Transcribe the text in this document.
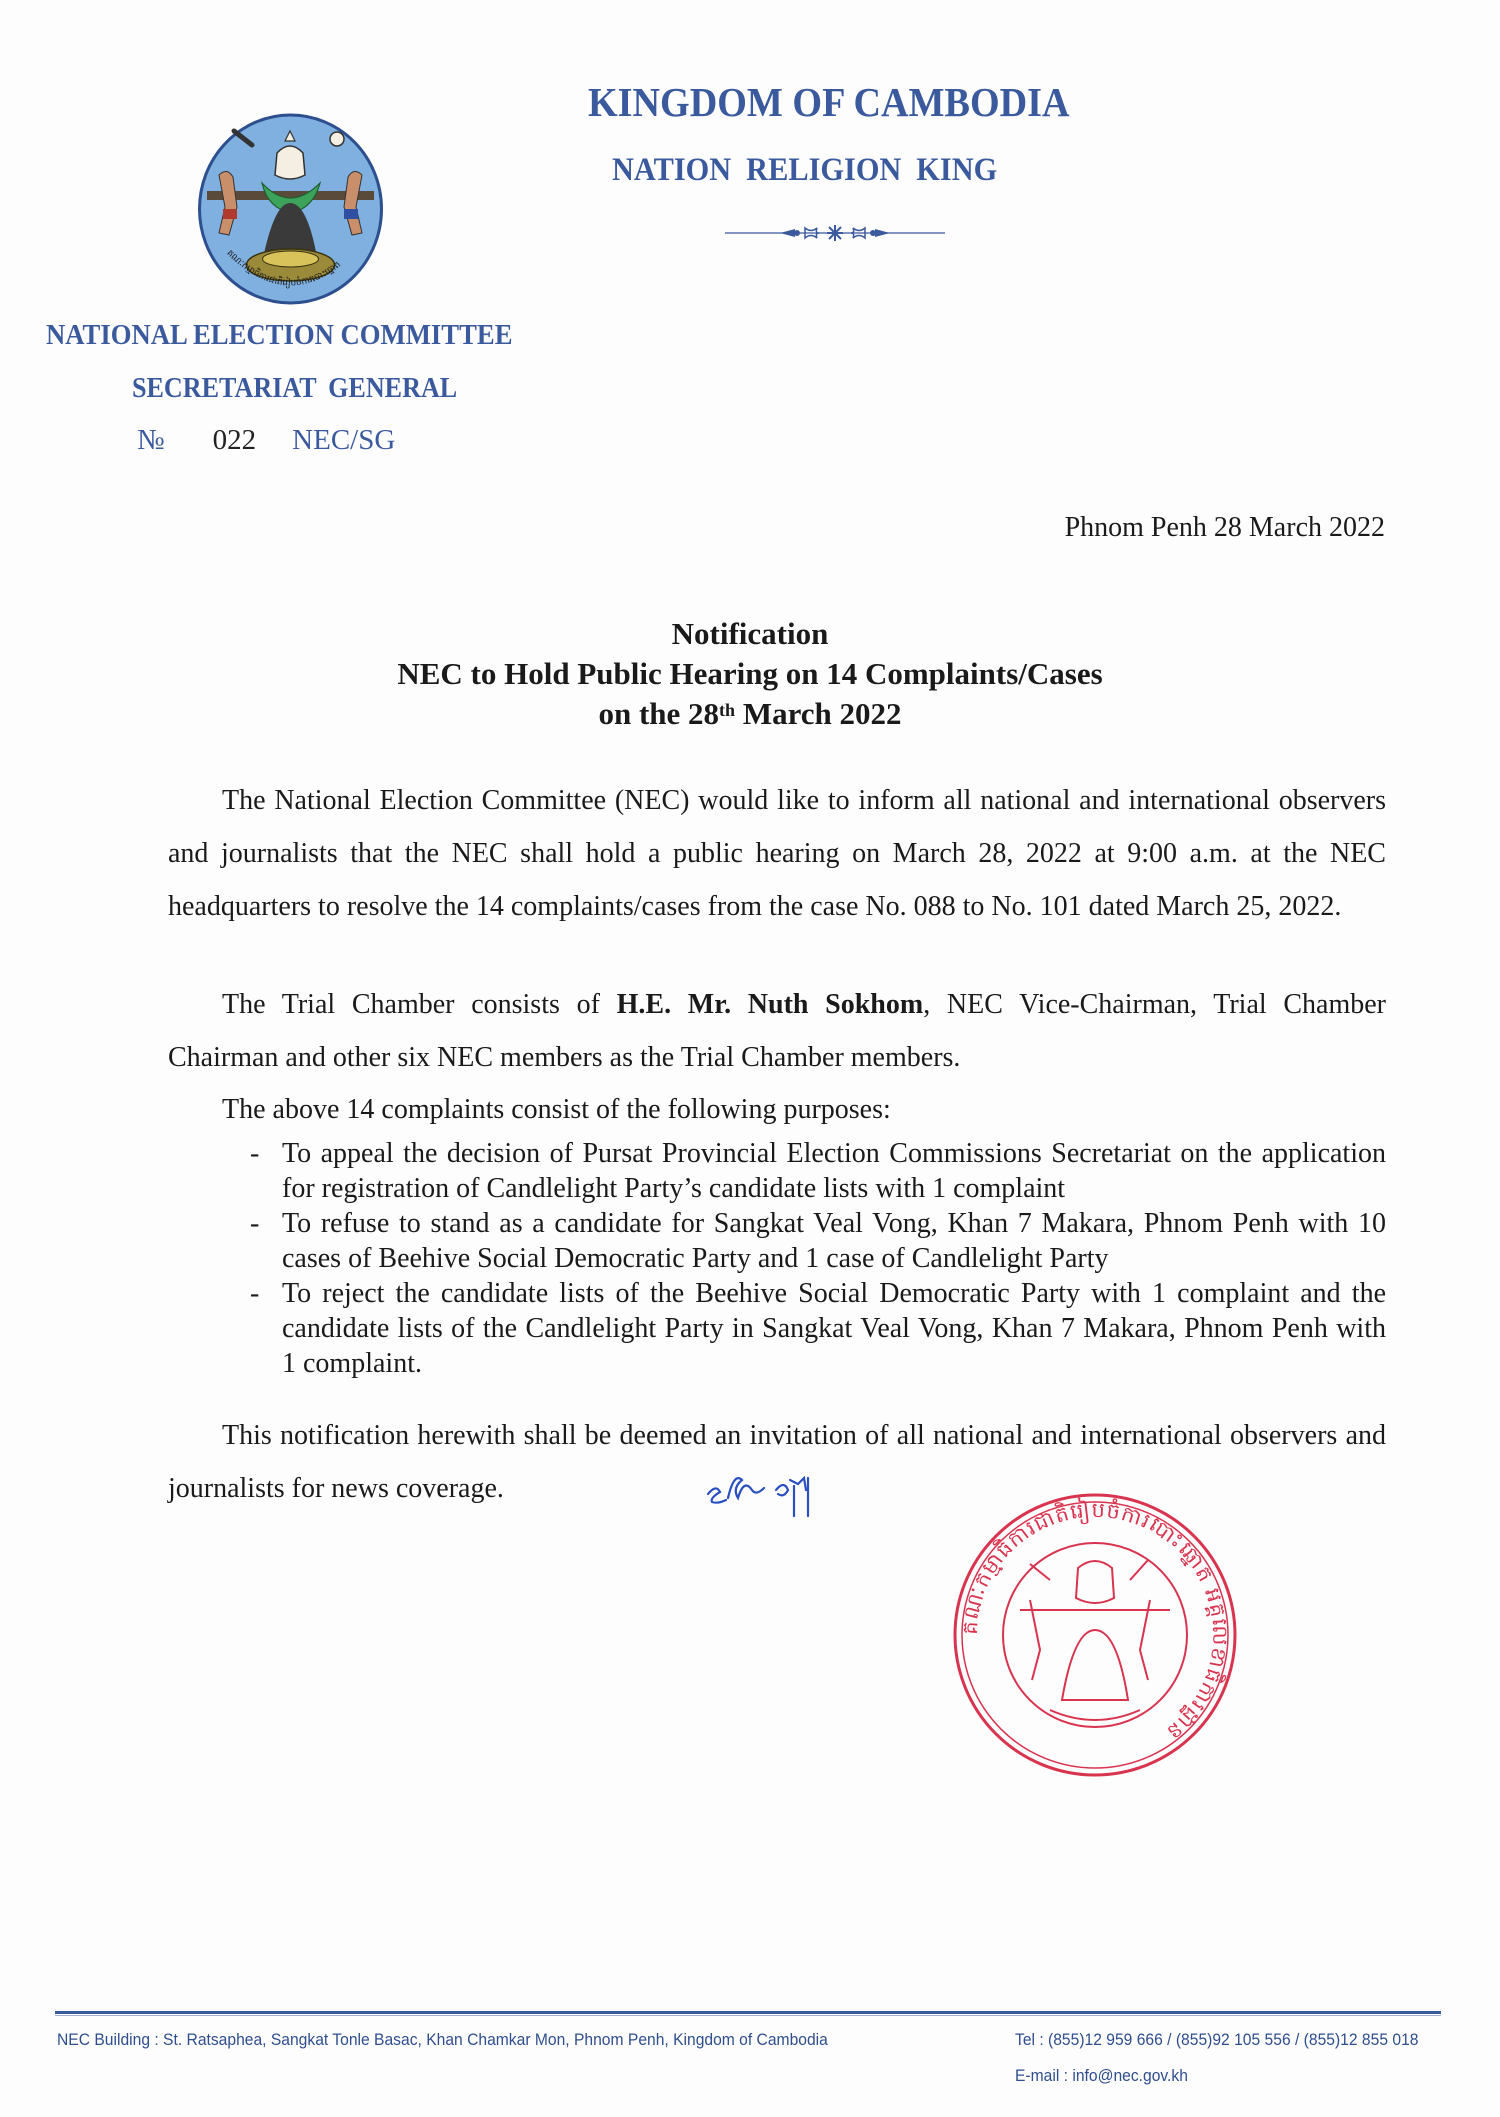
KINGDOM OF CAMBODIA
NATION RELIGION KING
គណៈកម្មាធិការជាតិរៀបចំការបោះឆ្នោត
NATIONAL ELECTION COMMITTEE
SECRETARIAT GENERAL
№ 022 NEC/SG
Phnom Penh 28 March 2022
Notification
NEC to Hold Public Hearing on 14 Complaints/Cases
on the 28th March 2022

The National Election Committee (NEC) would like to inform all national and international observers and journalists that the NEC shall hold a public hearing on March 28, 2022 at 9:00 a.m. at the NEC headquarters to resolve the 14 complaints/cases from the case No. 088 to No. 101 dated March 25, 2022.

The Trial Chamber consists of H.E. Mr. Nuth Sokhom, NEC Vice-Chairman, Trial Chamber Chairman and other six NEC members as the Trial Chamber members.

The above 14 complaints consist of the following purposes:

- To appeal the decision of Pursat Provincial Election Commissions Secretariat on the application for registration of Candlelight Party’s candidate lists with 1 complaint
- To refuse to stand as a candidate for Sangkat Veal Vong, Khan 7 Makara, Phnom Penh with 10 cases of Beehive Social Democratic Party and 1 case of Candlelight Party
- To reject the candidate lists of the Beehive Social Democratic Party with 1 complaint and the candidate lists of the Candlelight Party in Sangkat Veal Vong, Khan 7 Makara, Phnom Penh with 1 complaint.

This notification herewith shall be deemed an invitation of all national and international observers and journalists for news coverage.

គណៈកម្មាធិការជាតិរៀបចំការបោះឆ្នោត អគ្គលេខាធិការដ្ឋាន
NEC Building : St. Ratsaphea, Sangkat Tonle Basac, Khan Chamkar Mon, Phnom Penh, Kingdom of Cambodia	Tel : (855)12 959 666 / (855)92 105 556 / (855)12 855 018
E-mail : info@nec.gov.kh
